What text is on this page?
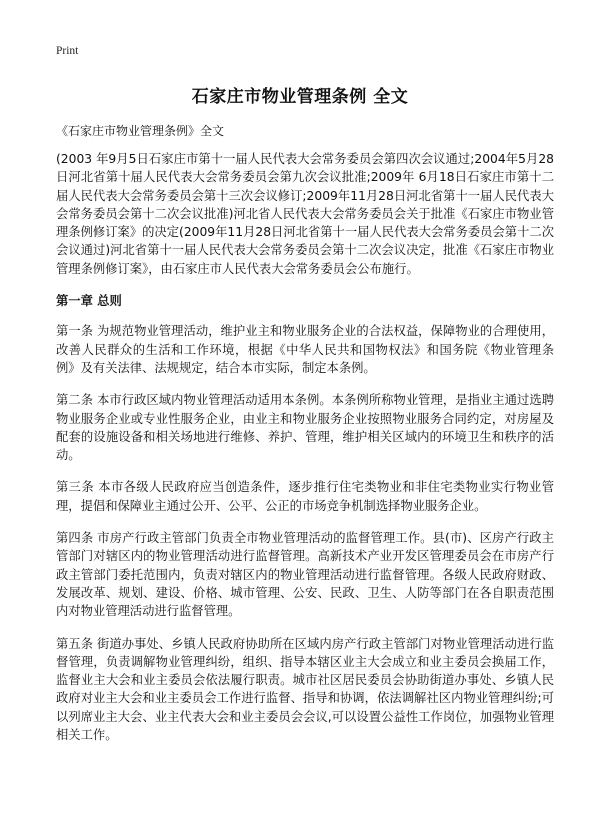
Print
石家庄市物业管理条例 全文
《石家庄市物业管理条例》全文

(2003 年9月5日石家庄市第十一届人民代表大会常务委员会第四次会议通过;2004年5月28日河北省第十届人民代表大会常务委员会第九次会议批准;2009年 6月18日石家庄市第十二届人民代表大会常务委员会第十三次会议修订;2009年11月28日河北省第十一届人民代表大会常务委员会第十二次会议批准)河北省人民代表大会常务委员会关于批准《石家庄市物业管理条例修订案》的决定(2009年11月28日河北省第十一届人民代表大会常务委员会第十二次会议通过)河北省第十一届人民代表大会常务委员会第十二次会议决定，批准《石家庄市物业管理条例修订案》，由石家庄市人民代表大会常务委员会公布施行。

第一章 总则

第一条 为规范物业管理活动，维护业主和物业服务企业的合法权益，保障物业的合理使用，改善人民群众的生活和工作环境，根据《中华人民共和国物权法》和国务院《物业管理条例》及有关法律、法规规定，结合本市实际，制定本条例。

第二条 本市行政区域内物业管理活动适用本条例。本条例所称物业管理，是指业主通过选聘物业服务企业或专业性服务企业，由业主和物业服务企业按照物业服务合同约定，对房屋及配套的设施设备和相关场地进行维修、养护、管理，维护相关区域内的环境卫生和秩序的活动。

第三条 本市各级人民政府应当创造条件，逐步推行住宅类物业和非住宅类物业实行物业管理，提倡和保障业主通过公开、公平、公正的市场竞争机制选择物业服务企业。

第四条 市房产行政主管部门负责全市物业管理活动的监督管理工作。县(市)、区房产行政主管部门对辖区内的物业管理活动进行监督管理。高新技术产业开发区管理委员会在市房产行政主管部门委托范围内，负责对辖区内的物业管理活动进行监督管理。各级人民政府财政、发展改革、规划、建设、价格、城市管理、公安、民政、卫生、人防等部门在各自职责范围内对物业管理活动进行监督管理。

第五条 街道办事处、乡镇人民政府协助所在区域内房产行政主管部门对物业管理活动进行监督管理，负责调解物业管理纠纷，组织、指导本辖区业主大会成立和业主委员会换届工作，监督业主大会和业主委员会依法履行职责。城市社区居民委员会协助街道办事处、乡镇人民政府对业主大会和业主委员会工作进行监督、指导和协调，依法调解社区内物业管理纠纷;可以列席业主大会、业主代表大会和业主委员会会议,可以设置公益性工作岗位，加强物业管理相关工作。
